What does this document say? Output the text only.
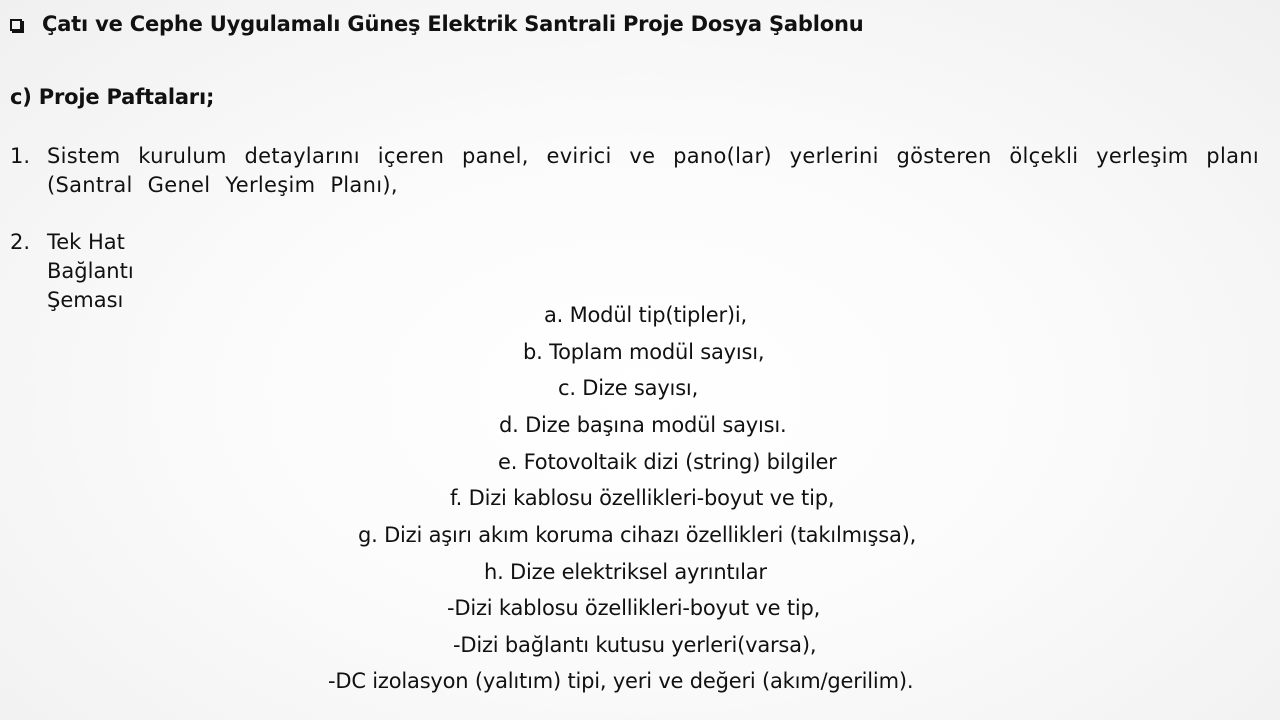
Çatı ve Cephe Uygulamalı Güneş Elektrik Santrali Proje Dosya Şablonu
c) Proje Paftaları;
1. Sistem kurulum detaylarını içeren panel, evirici ve pano(lar) yerlerini gösteren ölçekli yerleşim planı (Santral Genel Yerleşim Planı),
2. Tek Hat Bağlantı Şeması
a. Modül tip(tipler)i,
b. Toplam modül sayısı,
c. Dize sayısı,
d. Dize başına modül sayısı.
e. Fotovoltaik dizi (string) bilgiler
f. Dizi kablosu özellikleri-boyut ve tip,
g. Dizi aşırı akım koruma cihazı özellikleri (takılmışsa),
h. Dize elektriksel ayrıntılar
-Dizi kablosu özellikleri-boyut ve tip,
-Dizi bağlantı kutusu yerleri(varsa),
-DC izolasyon (yalıtım) tipi, yeri ve değeri (akım/gerilim).
